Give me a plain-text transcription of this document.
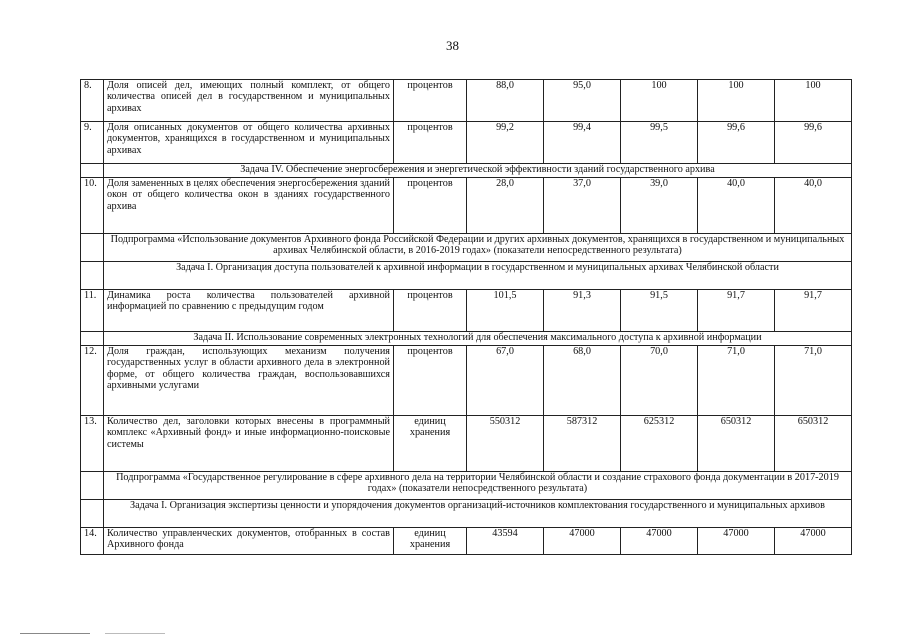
38
8.	Доля описей дел, имеющих полный комплект, от общего количества описей дел в государственном и муниципальных архивах	процентов	88,0	95,0	100	100	100
9.	Доля описанных документов от общего количества архивных документов, хранящихся в государственном и муниципальных архивах	процентов	99,2	99,4	99,5	99,6	99,6
	Задача IV. Обеспечение энергосбережения и энергетической эффективности зданий государственного архива						
10.	Доля замененных в целях обеспечения энергосбережения зданий окон от общего количества окон в зданиях государственного архива	процентов	28,0	37,0	39,0	40,0	40,0
	Подпрограмма «Использование документов Архивного фонда Российской Федерации и других архивных документов, хранящихся в государственном и муниципальных архивах Челябинской области, в 2016-2019 годах» (показатели непосредственного результата)						
	Задача I. Организация доступа пользователей к архивной информации в государственном и муниципальных архивах Челябинской области						
11.	Динамика роста количества пользователей архивной информацией по сравнению с предыдущим годом	процентов	101,5	91,3	91,5	91,7	91,7
	Задача II. Использование современных электронных технологий для обеспечения максимального доступа к архивной информации						
12.	Доля граждан, использующих механизм получения государственных услуг в области архивного дела в электронной форме, от общего количества граждан, воспользовавшихся архивными услугами	процентов	67,0	68,0	70,0	71,0	71,0
13.	Количество дел, заголовки которых внесены в программный комплекс «Архивный фонд» и иные информационно-поисковые системы	единиц хранения	550312	587312	625312	650312	650312
	Подпрограмма «Государственное регулирование в сфере архивного дела на территории Челябинской области и создание страхового фонда документации в 2017-2019 годах» (показатели непосредственного результата)						
	Задача I. Организация экспертизы ценности и упорядочения документов организаций-источников комплектования государственного и муниципальных архивов						
14.	Количество управленческих документов, отобранных в состав Архивного фонда	единиц хранения	43594	47000	47000	47000	47000
